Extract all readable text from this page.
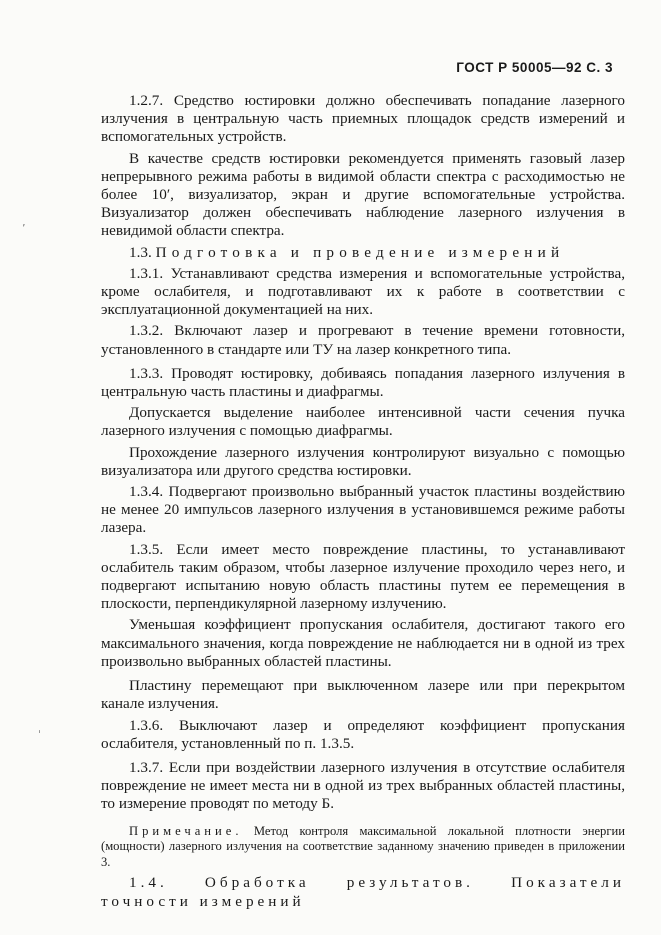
ГОСТ Р 50005—92 С. 3

1.2.7. Средство юстировки должно обеспечивать попадание лазерного излучения в центральную часть приемных площадок средств измерений и вспомогательных устройств.

В качестве средств юстировки рекомендуется применять газовый лазер непрерывного режима работы в видимой области спектра с расходимостью не более 10′, визуализатор, экран и другие вспомогательные устройства. Визуализатор должен обеспечивать наблюдение лазерного излучения в невидимой области спектра.

1.3. Подготовка и проведение измерений

1.3.1. Устанавливают средства измерения и вспомогательные устройства, кроме ослабителя, и подготавливают их к работе в соответствии с эксплуатационной документацией на них.

1.3.2. Включают лазер и прогревают в течение времени готовности, установленного в стандарте или ТУ на лазер конкретного типа.

1.3.3. Проводят юстировку, добиваясь попадания лазерного излучения в центральную часть пластины и диафрагмы.

Допускается выделение наиболее интенсивной части сечения пучка лазерного излучения с помощью диафрагмы.

Прохождение лазерного излучения контролируют визуально с помощью визуализатора или другого средства юстировки.

1.3.4. Подвергают произвольно выбранный участок пластины воздействию не менее 20 импульсов лазерного излучения в установившемся режиме работы лазера.

1.3.5. Если имеет место повреждение пластины, то устанавливают ослабитель таким образом, чтобы лазерное излучение проходило через него, и подвергают испытанию новую область пластины путем ее перемещения в плоскости, перпендикулярной лазерному излучению.

Уменьшая коэффициент пропускания ослабителя, достигают такого его максимального значения, когда повреждение не наблюдается ни в одной из трех произвольно выбранных областей пластины.

Пластину перемещают при выключенном лазере или при перекрытом канале излучения.

1.3.6. Выключают лазер и определяют коэффициент пропускания ослабителя, установленный по п. 1.3.5.

1.3.7. Если при воздействии лазерного излучения в отсутствие ослабителя повреждение не имеет места ни в одной из трех выбранных областей пластины, то измерение проводят по методу Б.

Примечание. Метод контроля максимальной локальной плотности энергии (мощности) лазерного излучения на соответствие заданному значению приведен в приложении 3.

1.4. Обработка результатов. Показатели точности измерений

ʼ
ˈ
